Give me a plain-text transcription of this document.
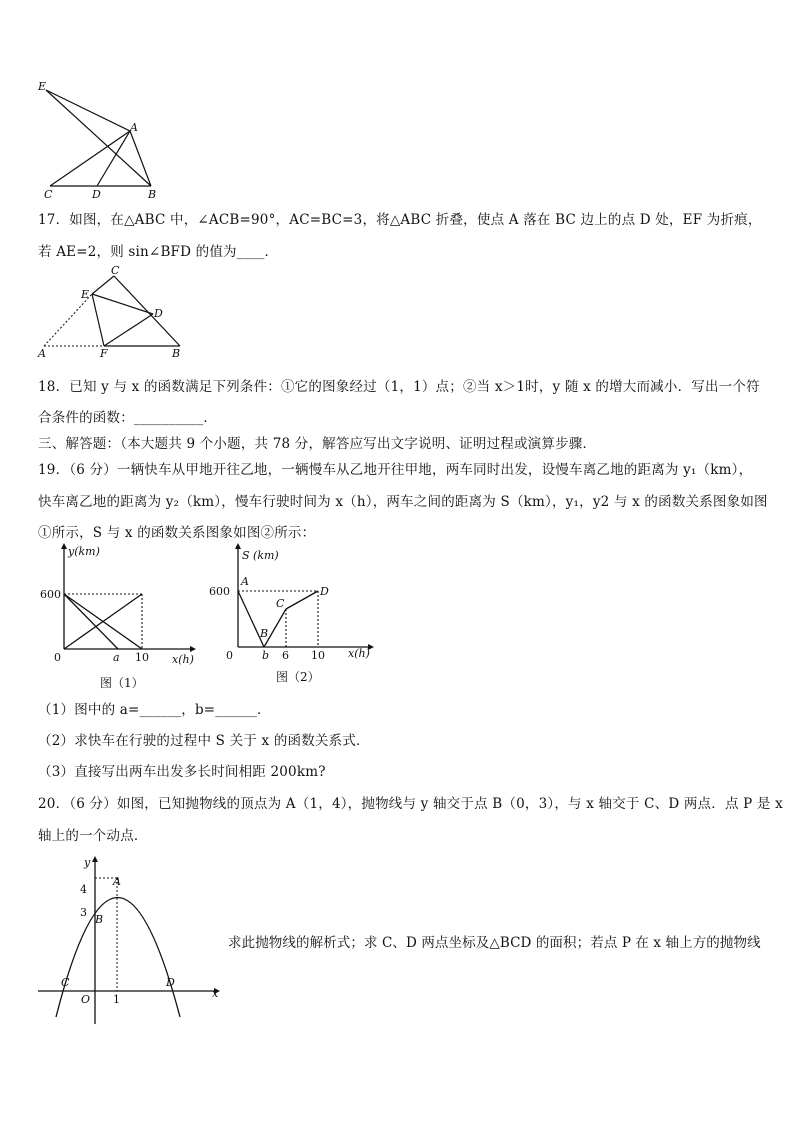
E
A
C	D	B
17．如图，在△ABC 中，∠ACB=90°，AC=BC=3，将△ABC 折叠，使点 A 落在 BC 边上的点 D 处，EF 为折痕，
若 AE=2，则 sin∠BFD 的值为____．
C
E
D
A	F	B
18．已知 y 与 x 的函数满足下列条件：①它的图象经过（1，1）点；②当 x＞1时，y 随 x 的增大而减小．写出一个符
合条件的函数：__________．
三、解答题：（本大题共 9 个小题，共 78 分，解答应写出文字说明、证明过程或演算步骤．
19．（6 分）一辆快车从甲地开往乙地，一辆慢车从乙地开往甲地，两车同时出发，设慢车离乙地的距离为 y₁（km），
快车离乙地的距离为 y₂（km），慢车行驶时间为 x（h），两车之间的距离为 S（km），y₁，y2 与 x 的函数关系图象如图
①所示，S 与 x 的函数关系图象如图②所示：
y(km)
x(h)
600
0	a 10
图（1）
S (km)
x(h)
600
0
A
B
C
D
b 6 10
图（2）
（1）图中的 a=______，b=______．
（2）求快车在行驶的过程中 S 关于 x 的函数关系式．
（3）直接写出两车出发多长时间相距 200km?
20．（6 分）如图，已知抛物线的顶点为 A（1，4），抛物线与 y 轴交于点 B（0，3），与 x 轴交于 C、D 两点．点 P 是 x
轴上的一个动点．
y
x
4
3
A
B
C	D
O 1
求此抛物线的解析式；求 C、D 两点坐标及△BCD 的面积；若点 P 在 x 轴上方的抛物线
